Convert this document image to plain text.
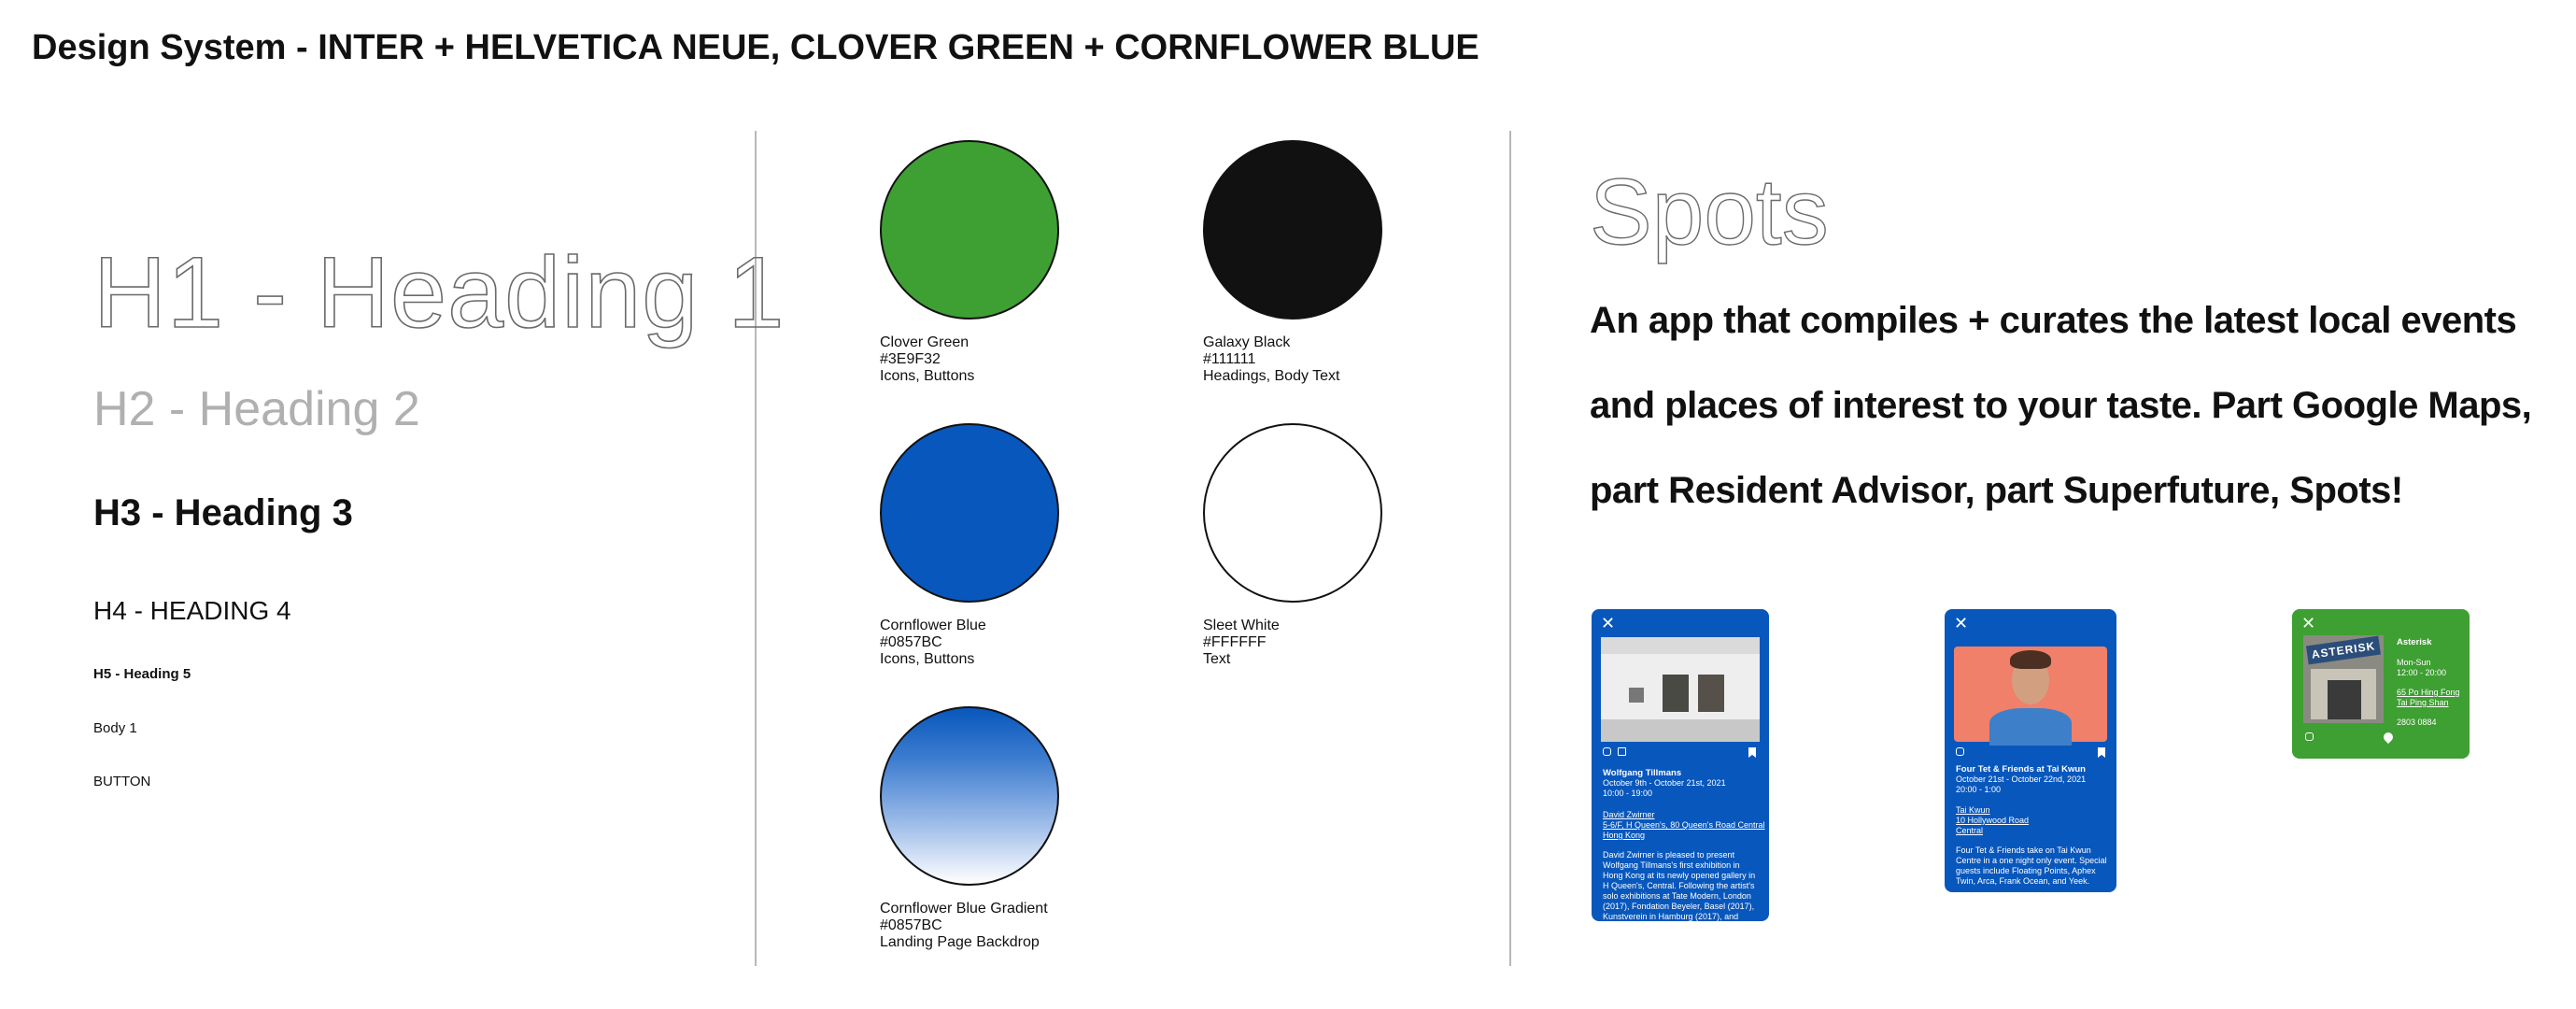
Design System - INTER + HELVETICA NEUE, CLOVER GREEN + CORNFLOWER BLUE
H1 - Heading 1
H2 - Heading 2
H3 - Heading 3
H4 - HEADING 4
H5 - Heading 5
Body 1
BUTTON
Clover Green
#3E9F32
Icons, Buttons
Galaxy Black
#111111
Headings, Body Text
Cornflower Blue
#0857BC
Icons, Buttons
Sleet White
#FFFFFF
Text
Cornflower Blue Gradient
#0857BC
Landing Page Backdrop
Spots
An app that compiles + curates the latest local events and places of interest to your taste. Part Google Maps, part Resident Advisor, part Superfuture, Spots!
✕
Wolfgang Tillmans
October 9th - October 21st, 2021
10:00 - 19:00
David Zwirner
5-6/F, H Queen's, 80 Queen's Road Central
Hong Kong
David Zwirner is pleased to present Wolfgang Tillmans's first exhibition in Hong Kong at its newly opened gallery in H Queen's, Central. Following the artist's solo exhibitions at Tate Modern, London (2017), Fondation Beyeler, Basel (2017), Kunstverein in Hamburg (2017), and most recently his first show in Mexico at
✕
Four Tet & Friends at Tai Kwun
October 21st - October 22nd, 2021
20:00 - 1:00
Tai Kwun
10 Hollywood Road
Central
Four Tet & Friends take on Tai Kwun Centre in a one night only event. Special guests include Floating Points, Aphex Twin, Arca, Frank Ocean, and Yeek.
✕
ASTERISK	Asterisk
Mon-Sun
12:00 - 20:00
65 Po Hing Fong
Tai Ping Shan
2803 0884
